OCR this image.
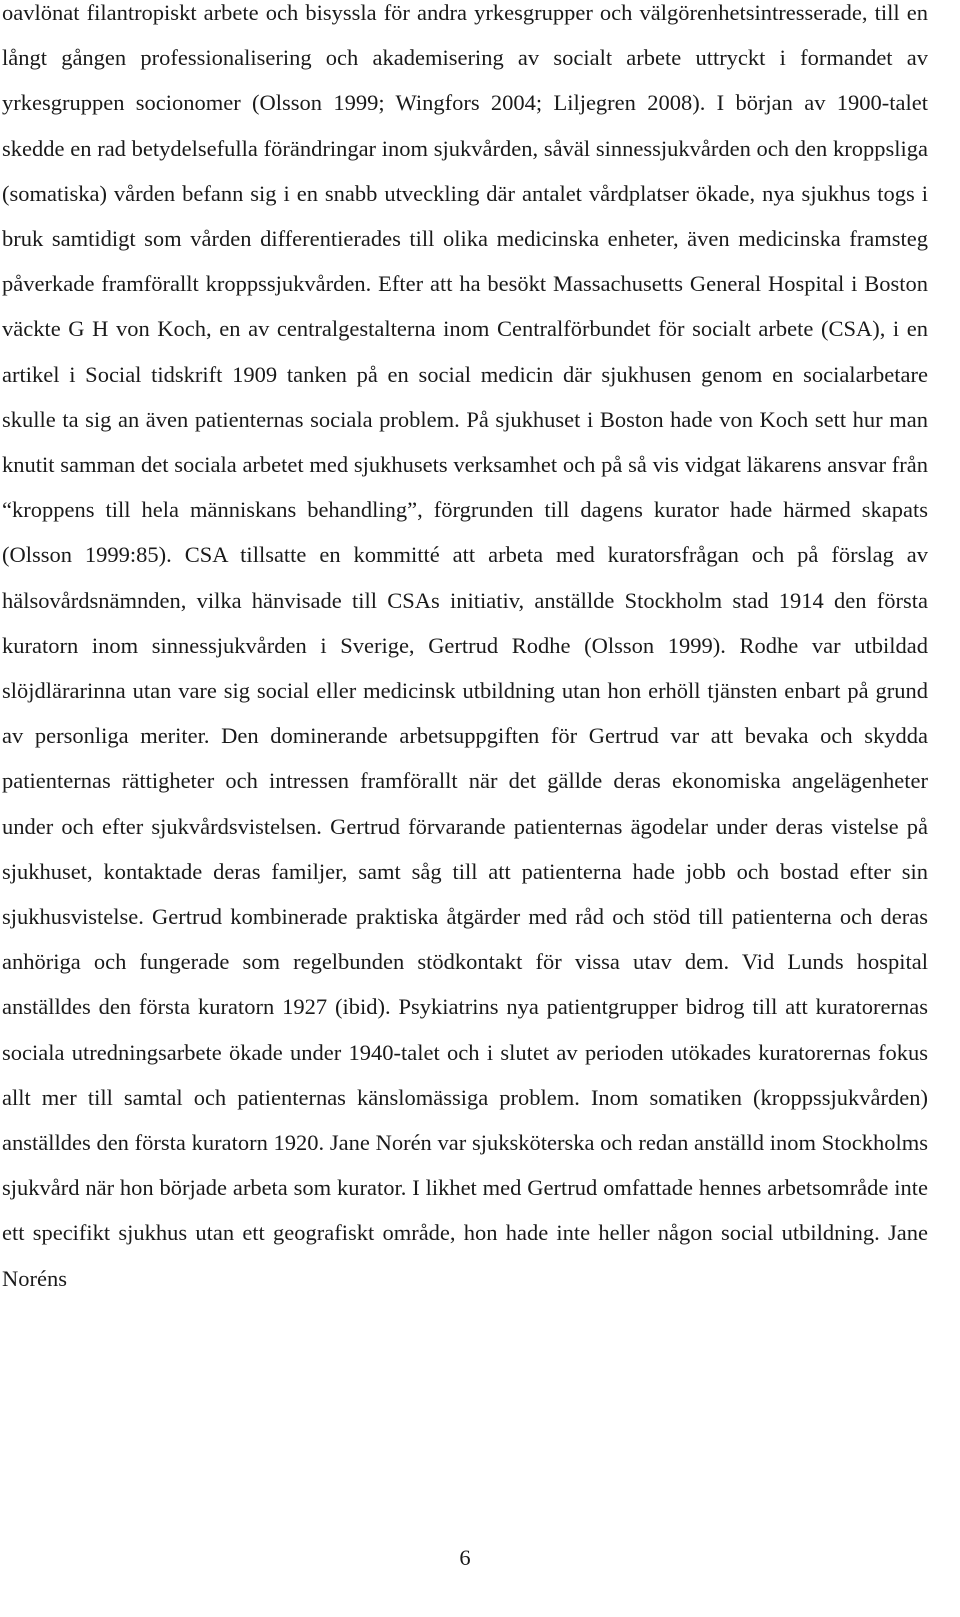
oavlönat filantropiskt arbete och bisyssla för andra yrkesgrupper och välgörenhetsintresserade, till en långt gången professionalisering och akademisering av socialt arbete uttryckt i formandet av yrkesgruppen socionomer (Olsson 1999; Wingfors 2004; Liljegren 2008). I början av 1900-talet skedde en rad betydelsefulla förändringar inom sjukvården, såväl sinnessjukvården och den kroppsliga (somatiska) vården befann sig i en snabb utveckling där antalet vårdplatser ökade, nya sjukhus togs i bruk samtidigt som vården differentierades till olika medicinska enheter, även medicinska framsteg påverkade framförallt kroppssjukvården. Efter att ha besökt Massachusetts General Hospital i Boston väckte G H von Koch, en av centralgestalterna inom Centralförbundet för socialt arbete (CSA), i en artikel i Social tidskrift 1909 tanken på en social medicin där sjukhusen genom en socialarbetare skulle ta sig an även patienternas sociala problem. På sjukhuset i Boston hade von Koch sett hur man knutit samman det sociala arbetet med sjukhusets verksamhet och på så vis vidgat läkarens ansvar från “kroppens till hela människans behandling”, förgrunden till dagens kurator hade härmed skapats (Olsson 1999:85). CSA tillsatte en kommitté att arbeta med kuratorsfrågan och på förslag av hälsovårdsnämnden, vilka hänvisade till CSAs initiativ, anställde Stockholm stad 1914 den första kuratorn inom sinnessjukvården i Sverige, Gertrud Rodhe (Olsson 1999). Rodhe var utbildad slöjdlärarinna utan vare sig social eller medicinsk utbildning utan hon erhöll tjänsten enbart på grund av personliga meriter. Den dominerande arbetsuppgiften för Gertrud var att bevaka och skydda patienternas rättigheter och intressen framförallt när det gällde deras ekonomiska angelägenheter under och efter sjukvårdsvistelsen. Gertrud förvarande patienternas ägodelar under deras vistelse på sjukhuset, kontaktade deras familjer, samt såg till att patienterna hade jobb och bostad efter sin sjukhusvistelse. Gertrud kombinerade praktiska åtgärder med råd och stöd till patienterna och deras anhöriga och fungerade som regelbunden stödkontakt för vissa utav dem. Vid Lunds hospital anställdes den första kuratorn 1927 (ibid). Psykiatrins nya patientgrupper bidrog till att kuratorernas sociala utredningsarbete ökade under 1940-talet och i slutet av perioden utökades kuratorernas fokus allt mer till samtal och patienternas känslomässiga problem. Inom somatiken (kroppssjukvården) anställdes den första kuratorn 1920. Jane Norén var sjuksköterska och redan anställd inom Stockholms sjukvård när hon började arbeta som kurator. I likhet med Gertrud omfattade hennes arbetsområde inte ett specifikt sjukhus utan ett geografiskt område, hon hade inte heller någon social utbildning. Jane Noréns

6
